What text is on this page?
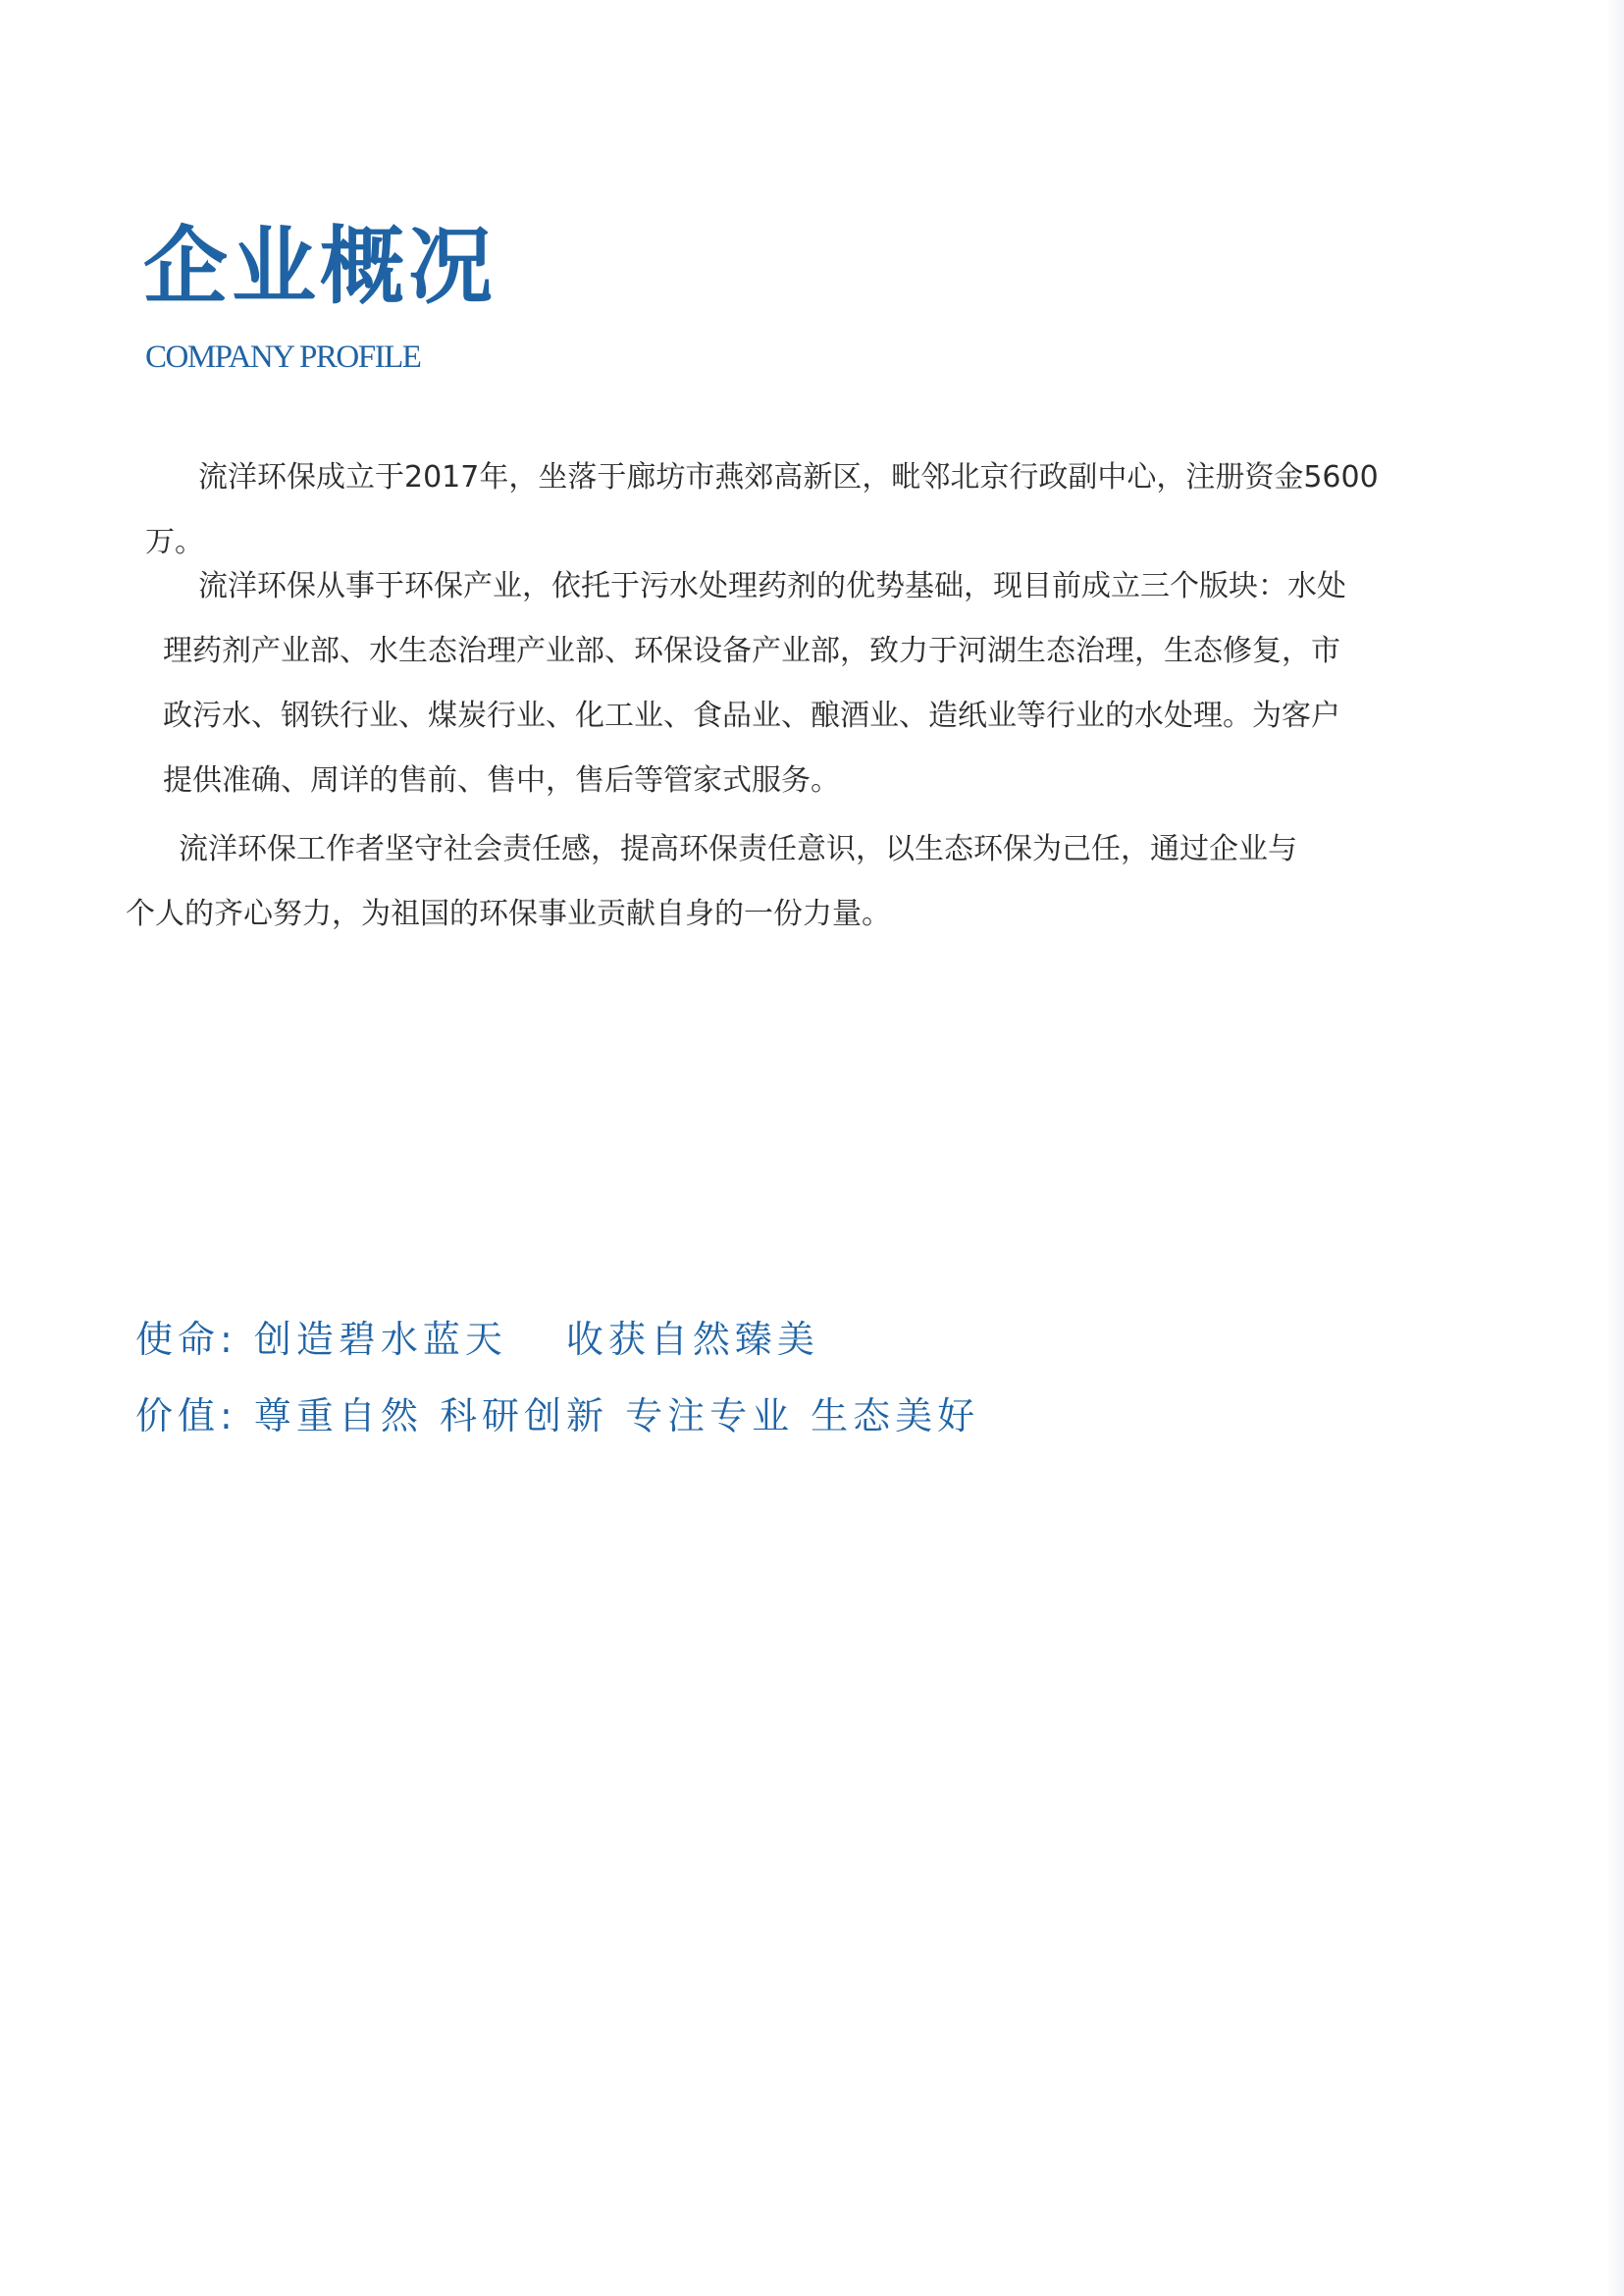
企业概况
COMPANY PROFILE
流洋环保成立于2017年，坐落于廊坊市燕郊高新区，毗邻北京行政副中心，注册资金5600
万。
流洋环保从事于环保产业，依托于污水处理药剂的优势基础，现目前成立三个版块：水处
理药剂产业部、水生态治理产业部、环保设备产业部，致力于河湖生态治理，生态修复，市
政污水、钢铁行业、煤炭行业、化工业、食品业、酿酒业、造纸业等行业的水处理。为客户
提供准确、周详的售前、售中，售后等管家式服务。
流洋环保工作者坚守社会责任感，提高环保责任意识，以生态环保为己任，通过企业与
个人的齐心努力，为祖国的环保事业贡献自身的一份力量。
使命: 创造碧水蓝天 收获自然臻美
价值: 尊重自然 科研创新 专注专业 生态美好
